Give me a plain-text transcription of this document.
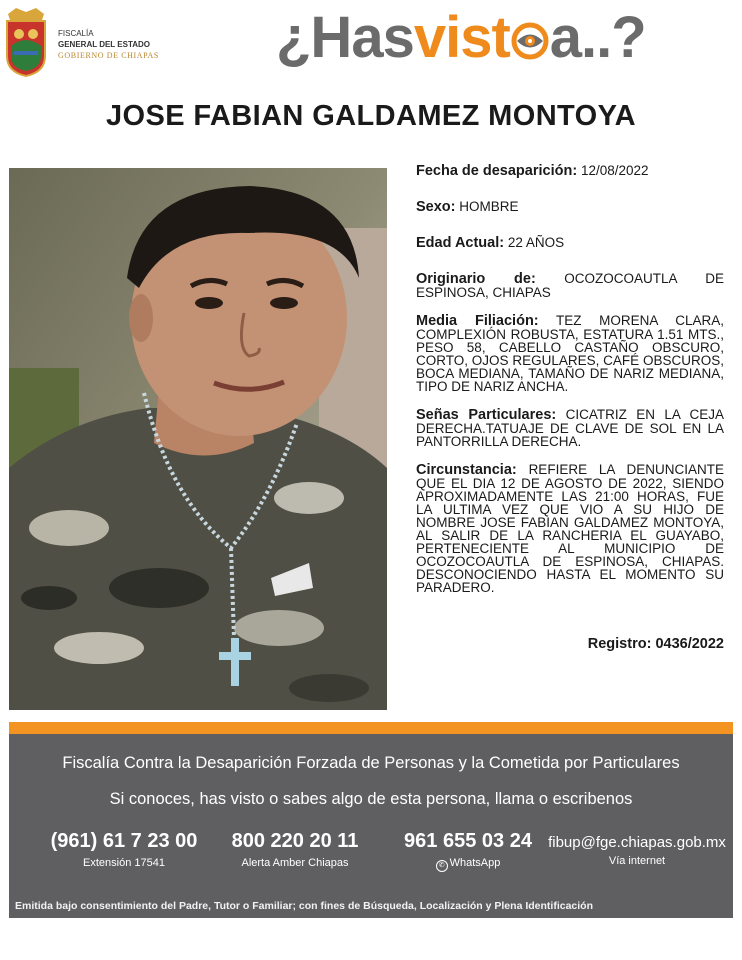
FISCALÍA
GENERAL DEL ESTADO
GOBIERNO DE CHIAPAS ¿Hasvist a..?
JOSE FABIAN GALDAMEZ MONTOYA
Fecha de desaparición: 12/08/2022
Sexo: HOMBRE
Edad Actual: 22 AÑOS
Originario de: OCOZOCOAUTLA DE ESPINOSA, CHIAPAS
Media Filiación: TEZ MORENA CLARA, COMPLEXIÓN ROBUSTA, ESTATURA 1.51 MTS., PESO 58, CABELLO CASTAÑO OBSCURO, CORTO, OJOS REGULARES, CAFÉ OBSCUROS, BOCA MEDIANA, TAMAÑO DE NARIZ MEDIANA, TIPO DE NARIZ ANCHA.
Señas Particulares: CICATRIZ EN LA CEJA DERECHA.TATUAJE DE CLAVE DE SOL EN LA PANTORRILLA DERECHA.
Circunstancia: REFIERE LA DENUNCIANTE QUE EL DIA 12 DE AGOSTO DE 2022, SIENDO APROXIMADAMENTE LAS 21:00 HORAS, FUE LA ULTIMA VEZ QUE VIO A SU HIJO DE NOMBRE JOSE FABIAN GALDAMEZ MONTOYA, AL SALIR DE LA RANCHERIA EL GUAYABO, PERTENECIENTE AL MUNICIPIO DE OCOZOCOAUTLA DE ESPINOSA, CHIAPAS. DESCONOCIENDO HASTA EL MOMENTO SU PARADERO.
Registro: 0436/2022
Fiscalía Contra la Desaparición Forzada de Personas y la Cometida por Particulares
Si conoces, has visto o sabes algo de esta persona, llama o escribenos
(961) 61 7 23 00
Extensión 17541
800 220 20 11
Alerta Amber Chiapas
961 655 03 24
✆ WhatsApp
fibup@fge.chiapas.gob.mx
Vía internet
Emitida bajo consentimiento del Padre, Tutor o Familiar; con fines de Búsqueda, Localización y Plena Identificación
